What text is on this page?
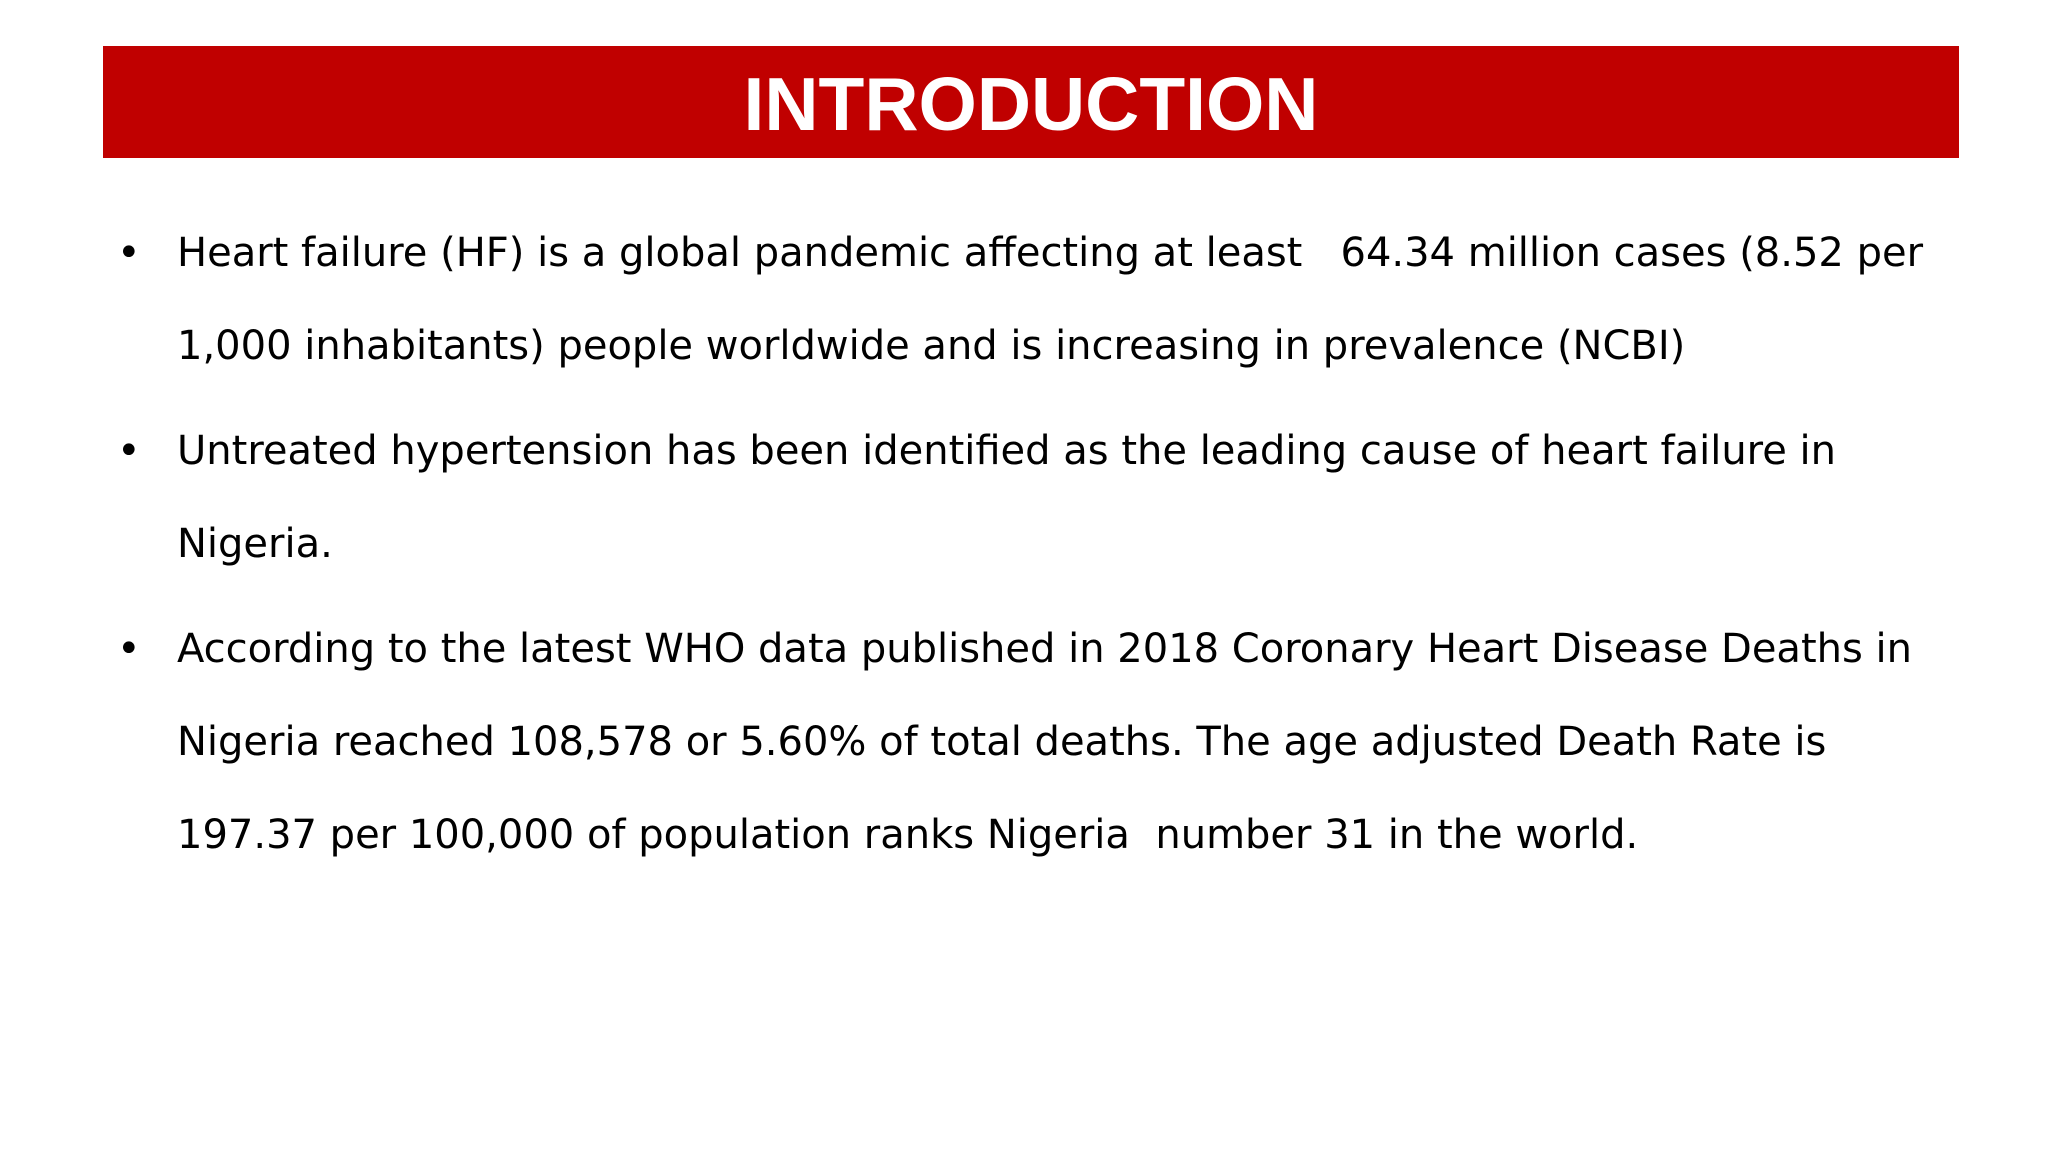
INTRODUCTION
• Heart failure (HF) is a global pandemic affecting at least   64.34 million cases (8.52 per 1,000 inhabitants) people worldwide and is increasing in prevalence (NCBI)
• Untreated hypertension has been identified as the leading cause of heart failure in Nigeria.
• According to the latest WHO data published in 2018 Coronary Heart Disease Deaths in Nigeria reached 108,578 or 5.60% of total deaths. The age adjusted Death Rate is 197.37 per 100,000 of population ranks Nigeria  number 31 in the world.
